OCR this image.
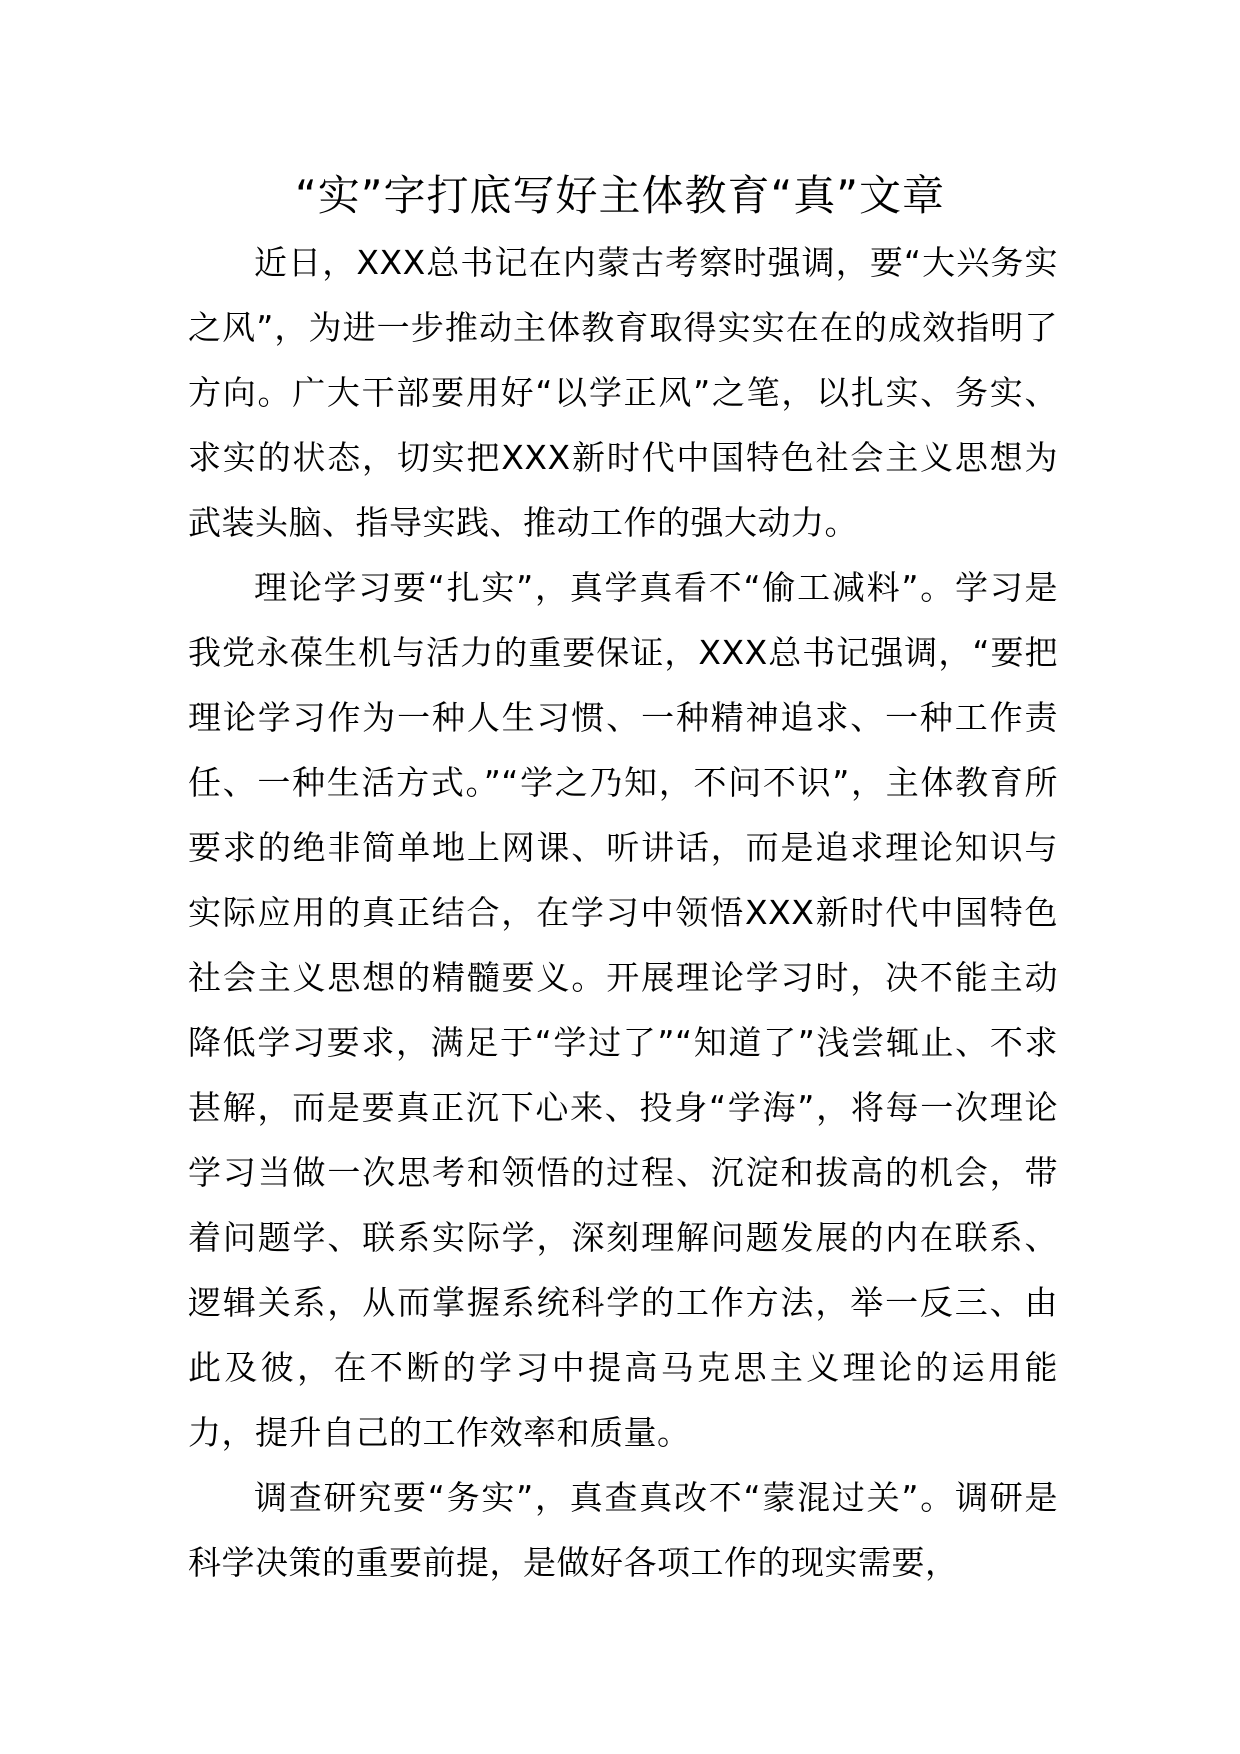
“实”字打底写好主体教育“真”文章

近日，XXX总书记在内蒙古考察时强调，要“大兴务实之风”，为进一步推动主体教育取得实实在在的成效指明了方向。广大干部要用好“以学正风”之笔，以扎实、务实、求实的状态，切实把XXX新时代中国特色社会主义思想为武装头脑、指导实践、推动工作的强大动力。

理论学习要“扎实”，真学真看不“偷工减料”。学习是我党永葆生机与活力的重要保证，XXX总书记强调，“要把理论学习作为一种人生习惯、一种精神追求、一种工作责任、一种生活方式。”“学之乃知，不问不识”，主体教育所要求的绝非简单地上网课、听讲话，而是追求理论知识与实际应用的真正结合，在学习中领悟XXX新时代中国特色社会主义思想的精髓要义。开展理论学习时，决不能主动降低学习要求，满足于“学过了”“知道了”浅尝辄止、不求甚解，而是要真正沉下心来、投身“学海”，将每一次理论学习当做一次思考和领悟的过程、沉淀和拔高的机会，带着问题学、联系实际学，深刻理解问题发展的内在联系、逻辑关系，从而掌握系统科学的工作方法，举一反三、由此及彼，在不断的学习中提高马克思主义理论的运用能力，提升自己的工作效率和质量。

调查研究要“务实”，真查真改不“蒙混过关”。调研是科学决策的重要前提，是做好各项工作的现实需要，
